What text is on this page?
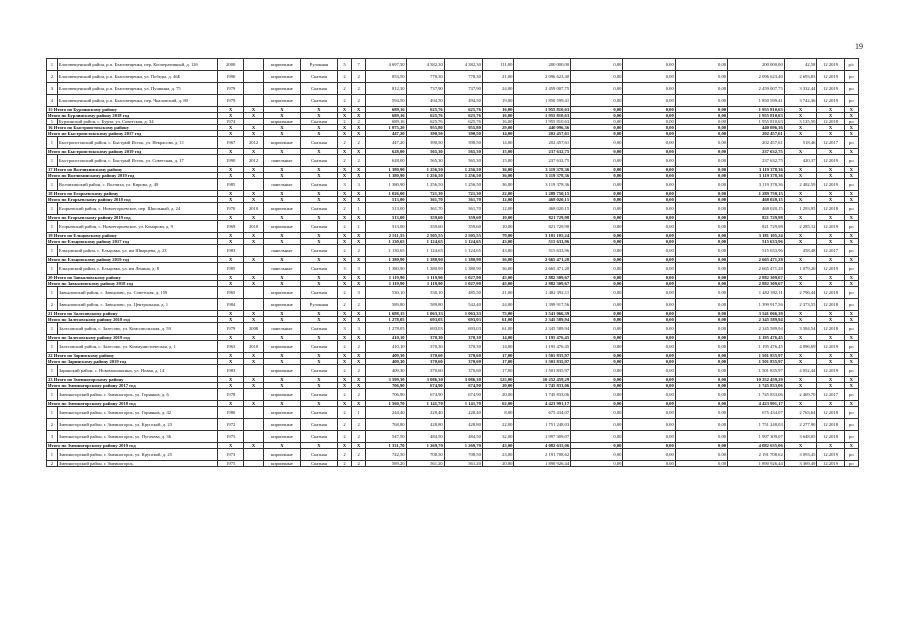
19
1	Благовещенский район, р.п. Благовещенка, пер. Кооперативный, д. 12б	2000		кирпичные	Рулонная	5	7	4 697,30	4 382,30	4 382,30	111,00	200 000,00	0,00	0,00	0,00	200 000,00	42,58	12.2019	р/с
2	Благовещенский район, р.п. Благовещенка, ул. Победы, д. 46Б	1996		кирпичные	Скатная	2	2	853,50	778,30	778,30	21,00	2 096 623,40	0,00	0,00	0,00	2 096 623,40	2 693,83	12.2019	ро
3	Благовещенский район, р.п. Благовещенка, ул. Пушкина, д. 75	1979		кирпичные	Скатная	2	2	812,30	737,90	737,90	24,00	2 459 007,75	0,00	0,00	0,00	2 459 007,75	3 332,44	12.2019	ро
4	Благовещенский район, р.п. Благовещенка, пер. Чкаловский, д. 80	1979		кирпичные	Скатная	2	2	594,50	494,50	494,50	19,00	1 850 599,41	0,00	0,00	0,00	1 850 599,41	3 742,36	12.2019	ро
15 Итого по Бурлинскому району		X	X	X	X	X	X	689,16	625,76	625,76	16,00	1 955 810,63	0,00	0,00	0,00	1 955 810,63	X	X	X
Итого по Бурлинскому району 2018 год		X	X	X	X	X	X	689,16	625,76	625,76	16,00	1 955 810,63	0,00	0,00	0,00	1 955 810,63	X	X	X
1	Бурлинский район, с. Бурла, ул. Советская, д. 34	1974		кирпичные	Скатная	2	2	689,16	625,76	625,76	16,00	1 955 810,63	0,00	0,00	0,00	1 955 810,63	3 125,50	12.2018	ро
16 Итого по Быстроистокскому району		X	X	X	X	X	X	1 075,20	955,80	955,80	29,00	440 096,36	0,00	0,00	0,00	440 096,36	X	X	X
Итого по Быстроистокскому району 2017 год		X	X	X	X	X	X	447,20	390,50	390,50	14,00	202 457,61	0,00	0,00	0,00	202 457,61	X	X	X
1	Быстроистокский район, с. Быстрый Исток, ул. Некрасова, д. 11	1967	2012	кирпичные	Скатная	2	2	447,20	390,50	390,50	14,00	202 457,61	0,00	0,00	0,00	202 457,61	518,46	12.2017	ро
Итого по Быстроистокскому району 2019 год		X	X	X	X	X	X	628,00	565,30	565,30	15,00	237 632,75	0,00	0,00	0,00	237 632,75	X	X	X
1	Быстроистокский район, с. Быстрый Исток, ул. Советская, д. 17	1990	2012	панельные	Скатная	2	2	628,00	565,30	565,30	15,00	237 632,75	0,00	0,00	0,00	237 632,75	420,37	12.2019	ро
17 Итого по Волчихинскому району		X	X	X	X	X	X	1 380,90	1 256,50	1 256,50	36,00	3 119 378,36	0,00	0,00	0,00	3 119 378,36	X	X	X
Итого по Волчихинскому району 2019 год		X	X	X	X	X	X	1 380,90	1 256,50	1 256,50	36,00	3 119 378,36	0,00	0,00	0,00	3 119 378,36	X	X	X
1	Волчихинский район, с. Волчиха, ул. Кирова, д. 48	1985		панельные	Скатная	3	3	1 380,90	1 256,50	1 256,50	36,00	3 119 378,36	0,00	0,00	0,00	3 119 378,36	2 482,59	12.2019	ро
18 Итого по Егорьевскому району		X	X	X	X	X	X	1 026,00	721,30	721,30	22,00	1 289 750,15	0,00	0,00	0,00	1 289 750,15	X	X	X
Итого по Егорьевскому району 2018 год		X	X	X	X	X	X	513,00	361,70	361,70	12,00	468 020,15	0,00	0,00	0,00	468 020,15	X	X	X
1	Егорьевский район, с. Новоегорьевское, пер. Школьный, д. 24	1970	2010	кирпичные	Скатная	2	1	513,00	361,70	361,70	12,00	468 020,15	0,00	0,00	0,00	468 020,15	1 293,95	12.2018	ро
Итого по Егорьевскому району 2019 год		X	X	X	X	X	X	513,00	359,60	359,60	10,00	821 729,98	0,00	0,00	0,00	821 729,98	X	X	X
1	Егорьевский район, с. Новоегорьевское, ул. Комарова, д. 9	1969	2010	кирпичные	Скатная	2	1	513,00	359,60	359,60	10,00	821 729,98	0,00	0,00	0,00	821 729,98	2 285,12	12.2019	ро
19 Итого по Ельцовскому району		X	X	X	X	X	X	2 511,55	2 505,55	2 505,55	79,00	3 181 105,24	0,00	0,00	0,00	3 181 105,24	X	X	X
Итого по Ельцовскому району 2017 год		X	X	X	X	X	X	1 130,65	1 124,65	1 124,65	43,00	515 633,96	0,00	0,00	0,00	515 633,96	X	X	X
1	Ельцовский район, с. Ельцовка, ул. им Шварцева, д. 23	1983		панельные	Скатная	2	2	1 130,65	1 124,65	1 124,65	43,00	515 633,96	0,00	0,00	0,00	515 633,96	458,48	12.2017	ро
Итого по Ельцовскому району 2019 год		X	X	X	X	X	X	1 380,90	1 380,90	1 380,90	36,00	2 665 471,28	0,00	0,00	0,00	2 665 471,28	X	X	X
1	Ельцовский район, с. Ельцовка, ул. им Ленина, д. 8	1985		панельные	Скатная	3	3	1 380,90	1 380,90	1 380,90	36,00	2 665 471,28	0,00	0,00	0,00	2 665 471,28	1 079,26	12.2019	ро
20 Итого по Завьяловскому району		X	X	X	X	X	X	1 119,90	1 119,90	1 027,90	45,00	2 882 309,67	0,00	0,00	0,00	2 882 309,67	X	X	X
Итого по Завьяловскому району 2018 год		X	X	X	X	X	X	1 119,90	1 119,90	1 027,90	45,00	2 882 309,67	0,00	0,00	0,00	2 882 309,67	X	X	X
1	Завьяловский район, с. Завьялово, ул. Советская, д. 159	1965		кирпичные	Скатная	2	3	530,10	530,10	485,50	21,00	1 482 392,11	0,00	0,00	0,00	1 482 392,11	2 796,44	12.2018	ро
2	Завьяловский район, с. Завьялово, ул. Центральная, д. 1	1984		кирпичные	Рулонная	2	2	589,80	589,80	542,40	24,00	1 399 917,56	0,00	0,00	0,00	1 399 917,56	2 373,55	12.2018	ро
21 Итого по Залесовскому району		X	X	X	X	X	X	1 688,15	1 063,33	1 063,33	75,00	3 541 066,39	0,00	0,00	0,00	3 541 066,39	X	X	X
Итого по Залесовскому району 2018 год		X	X	X	X	X	X	1 278,05	693,03	693,03	61,00	2 345 589,94	0,00	0,00	0,00	2 345 589,94	X	X	X
1	Залесовский район, с. Залесово, ул. Комсомольская, д. 59	1979	2008	панельные	Скатная	3	3	1 278,05	693,03	693,03	61,00	2 345 589,94	0,00	0,00	0,00	2 345 589,94	3 384,54	12.2018	ро
Итого по Залесовскому району 2019 год		X	X	X	X	X	X	410,10	370,30	370,30	14,00	1 195 476,45	0,00	0,00	0,00	1 195 476,45	X	X	X
1	Залесовский район, с. Залесово, ул. Коммунистическая, д. 1	1963	2010	кирпичные	Скатная	2	2	410,10	370,30	370,30	14,00	1 195 476,45	0,00	0,00	0,00	1 195 476,45	4 096,69	12.2019	ро
22 Итого по Заринскому району		X	X	X	X	X	X	409,30	370,60	370,60	17,00	1 501 835,97	0,00	0,00	0,00	1 501 835,97	X	X	X
Итого по Заринскому району 2019 год		X	X	X	X	X	X	409,30	370,60	370,60	17,00	1 501 835,97	0,00	0,00	0,00	1 501 835,97	X	X	X
1	Заринский район, с. Новомоношкино, ул. Новая, д. 14	1983		кирпичные	Скатная	2	2	409,30	370,60	370,60	17,00	1 501 835,97	0,00	0,00	0,00	1 501 835,97	4 052,44	12.2019	ро
23 Итого по Змеиногорскому району		X	X	X	X	X	X	3 599,30	3 086,30	3 086,30	125,00	10 252 459,29	0,00	0,00	0,00	10 252 459,29	X	X	X
Итого по Змеиногорскому району 2017 год		X	X	X	X	X	X	706,90	674,90	674,90	20,00	1 745 833,06	0,00	0,00	0,00	1 745 833,06	X	X	X
1	Змеиногорский район, г. Змеиногорск, ул. Горняков, д. 6	1978		кирпичные	Скатная	2	2	706,90	674,90	674,90	20,00	1 745 833,06	0,00	0,00	0,00	1 745 833,06	2 469,70	12.2017	ро
Итого по Змеиногорскому району 2018 год		X	X	X	X	X	X	1 560,70	1 141,70	1 141,70	62,00	4 423 991,17	0,00	0,00	0,00	4 423 991,17	X	X	X
1	Змеиногорский район, г. Змеиногорск, ул. Горняков, д. 42	1986		кирпичные	Скатная	2	1	244,40	228,40	228,40	8,00	675 434,07	0,00	0,00	0,00	675 434,07	2 763,64	12.2018	ро
2	Змеиногорский район, г. Змеиногорск, ул. Крупской, д. 23	1972		кирпичные	Скатная	2	2	768,80	428,80	428,80	22,00	1 751 248,03	0,00	0,00	0,00	1 751 248,03	2 277,90	12.2018	ро
3	Змеиногорский район, г. Змеиногорск, ул. Пугачева, д. 36	1975		кирпичные	Скатная	2	2	547,50	484,50	484,50	32,00	1 997 309,07	0,00	0,00	0,00	1 997 309,07	3 648,05	12.2018	ро
Итого по Змеиногорскому району 2019 год		X	X	X	X	X	X	1 331,70	1 269,70	1 269,70	43,00	4 082 635,06	0,00	0,00	0,00	4 082 635,06	X	X	X
1	Змеиногорский район, г. Змеиногорск, ул. Крупской, д. 25	1973		кирпичные	Скатная	2	2	742,50	708,50	708,50	23,00	2 191 708,62	0,00	0,00	0,00	2 191 708,62	3 093,45	12.2019	ро
2	Змеиногорский район, г. Змеиногорск,	1975		кирпичные	Скатная	2	2	589,20	561,20	561,20	20,00	1 890 926,44	0,00	0,00	0,00	1 890 926,44	3 369,49	12.2019	ро
